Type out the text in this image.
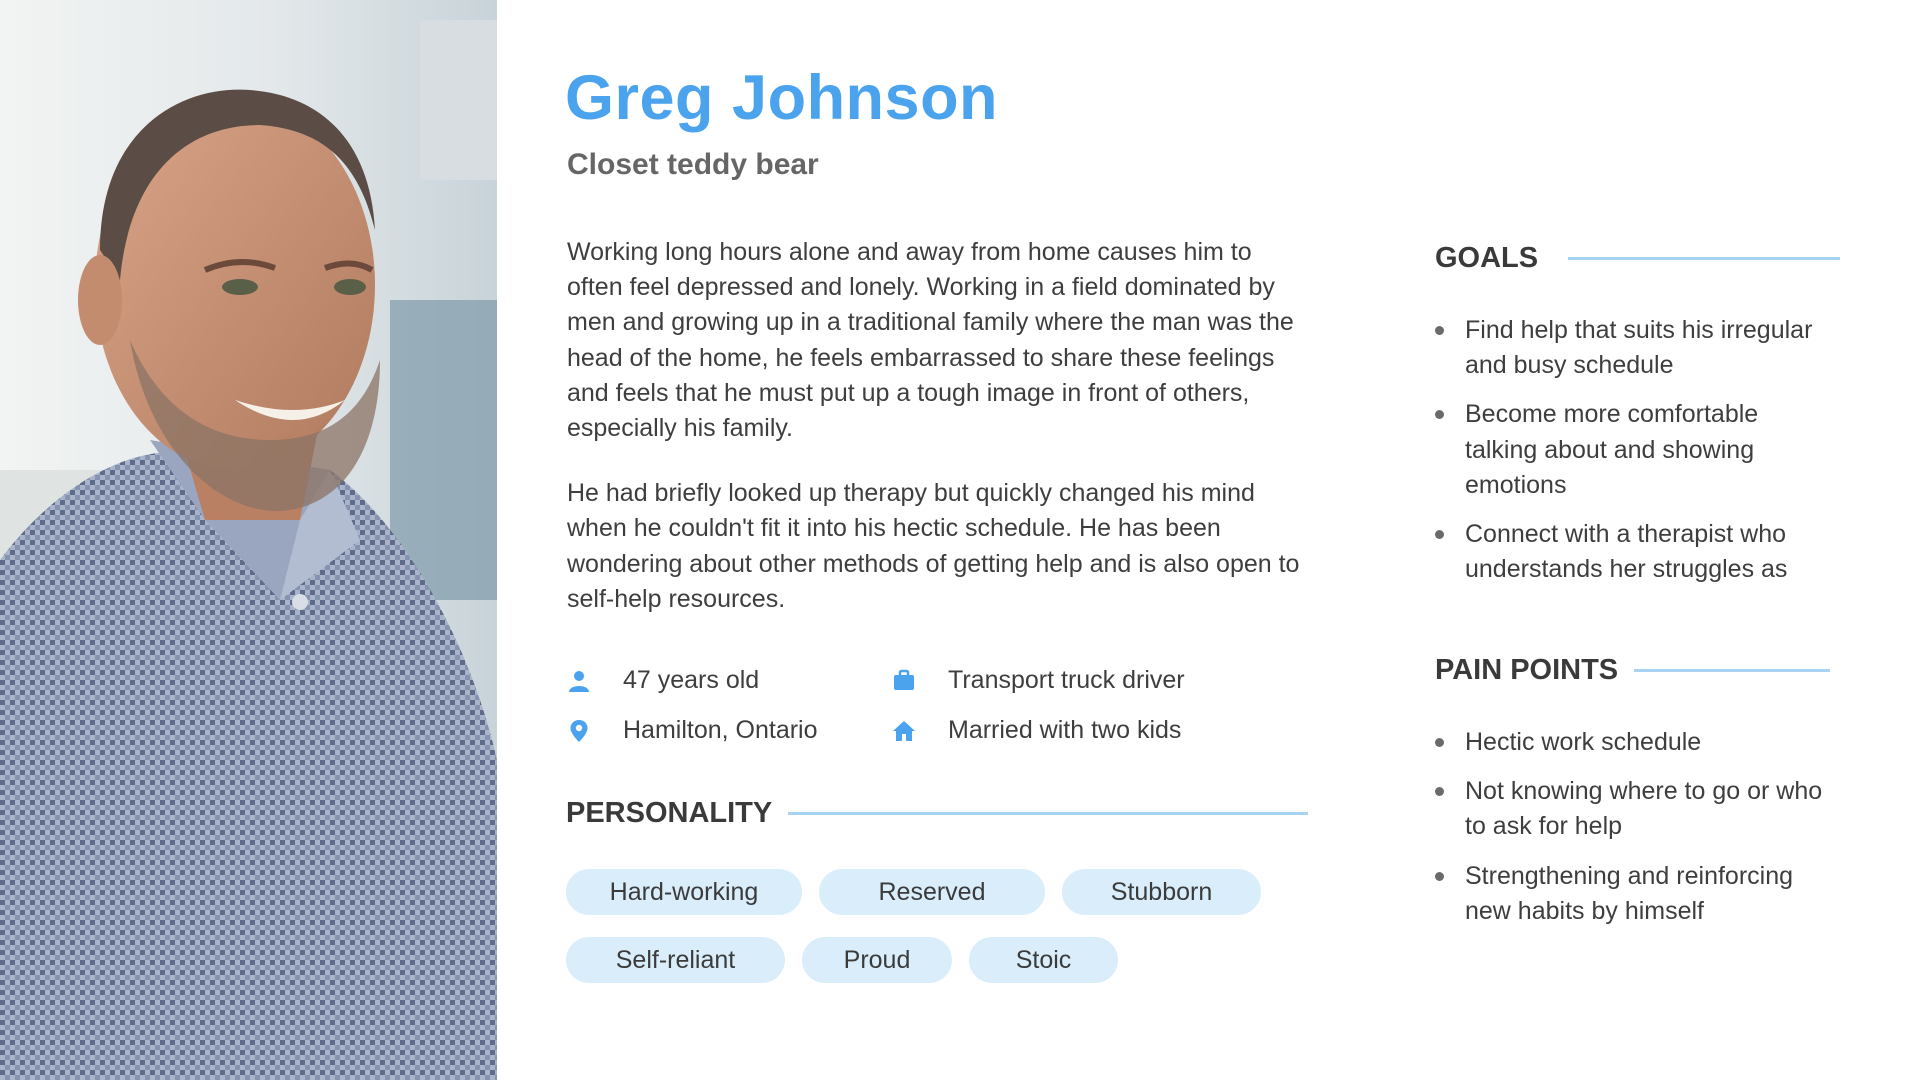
Greg Johnson
Closet teddy bear

Working long hours alone and away from home causes him to often feel depressed and lonely. Working in a field dominated by men and growing up in a traditional family where the man was the head of the home, he feels embarrassed to share these feelings and feels that he must put up a tough image in front of others, especially his family.

He had briefly looked up therapy but quickly changed his mind when he couldn't fit it into his hectic schedule. He has been wondering about other methods of getting help and is also open to self-help resources.

47 years old	Transport truck driver
Hamilton, Ontario	Married with two kids
PERSONALITY
Hard-working	Reserved	Stubborn
Self-reliant	Proud	Stoic
GOALS
Find help that suits his irregular and busy schedule
Become more comfortable talking about and showing emotions
Connect with a therapist who understands her struggles as
PAIN POINTS
Hectic work schedule
Not knowing where to go or who to ask for help
Strengthening and reinforcing new habits by himself
